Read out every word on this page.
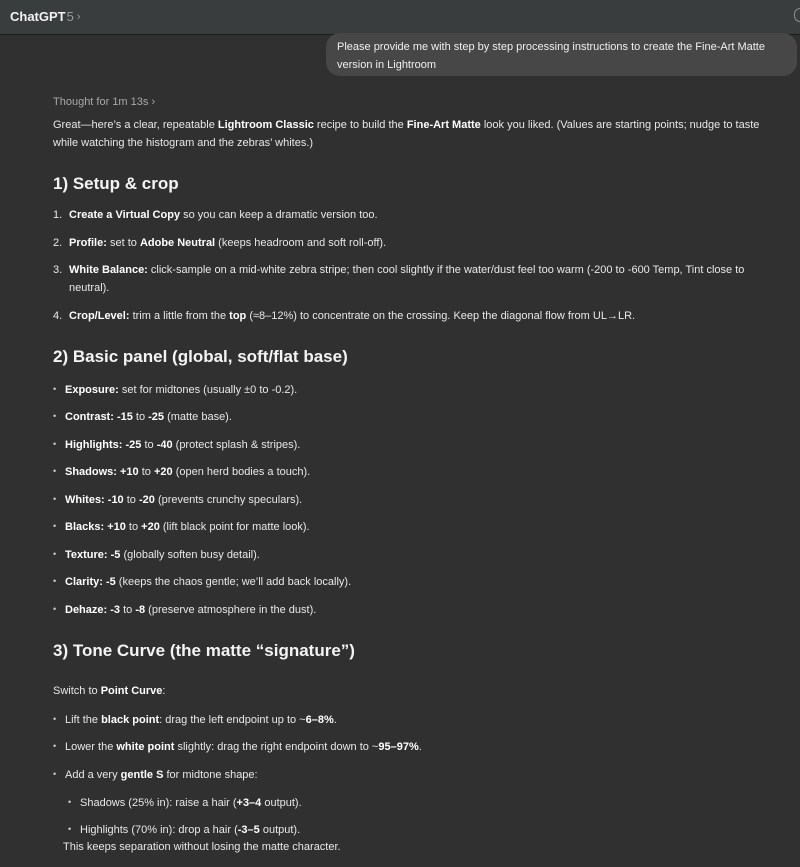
ChatGPT 5 ›
Please provide me with step by step processing instructions to create the Fine-Art Matte version in Lightroom
Thought for 1m 13s ›
Great—here’s a clear, repeatable Lightroom Classic recipe to build the Fine-Art Matte look you liked. (Values are starting points; nudge to taste
while watching the histogram and the zebras’ whites.)
1) Setup & crop
1. Create a Virtual Copy so you can keep a dramatic version too.
2. Profile: set to Adobe Neutral (keeps headroom and soft roll-off).
3. White Balance: click-sample on a mid-white zebra stripe; then cool slightly if the water/dust feel too warm (-200 to -600 Temp, Tint close to
neutral).
4. Crop/Level: trim a little from the top (≈8–12%) to concentrate on the crossing. Keep the diagonal flow from UL→LR.
2) Basic panel (global, soft/flat base)
• Exposure: set for midtones (usually ±0 to -0.2).
• Contrast: -15 to -25 (matte base).
• Highlights: -25 to -40 (protect splash & stripes).
• Shadows: +10 to +20 (open herd bodies a touch).
• Whites: -10 to -20 (prevents crunchy speculars).
• Blacks: +10 to +20 (lift black point for matte look).
• Texture: -5 (globally soften busy detail).
• Clarity: -5 (keeps the chaos gentle; we’ll add back locally).
• Dehaze: -3 to -8 (preserve atmosphere in the dust).
3) Tone Curve (the matte “signature”)
Switch to Point Curve:
• Lift the black point: drag the left endpoint up to ~6–8%.
• Lower the white point slightly: drag the right endpoint down to ~95–97%.
• Add a very gentle S for midtone shape:
• Shadows (25% in): raise a hair (+3–4 output).
• Highlights (70% in): drop a hair (-3–5 output).
This keeps separation without losing the matte character.
